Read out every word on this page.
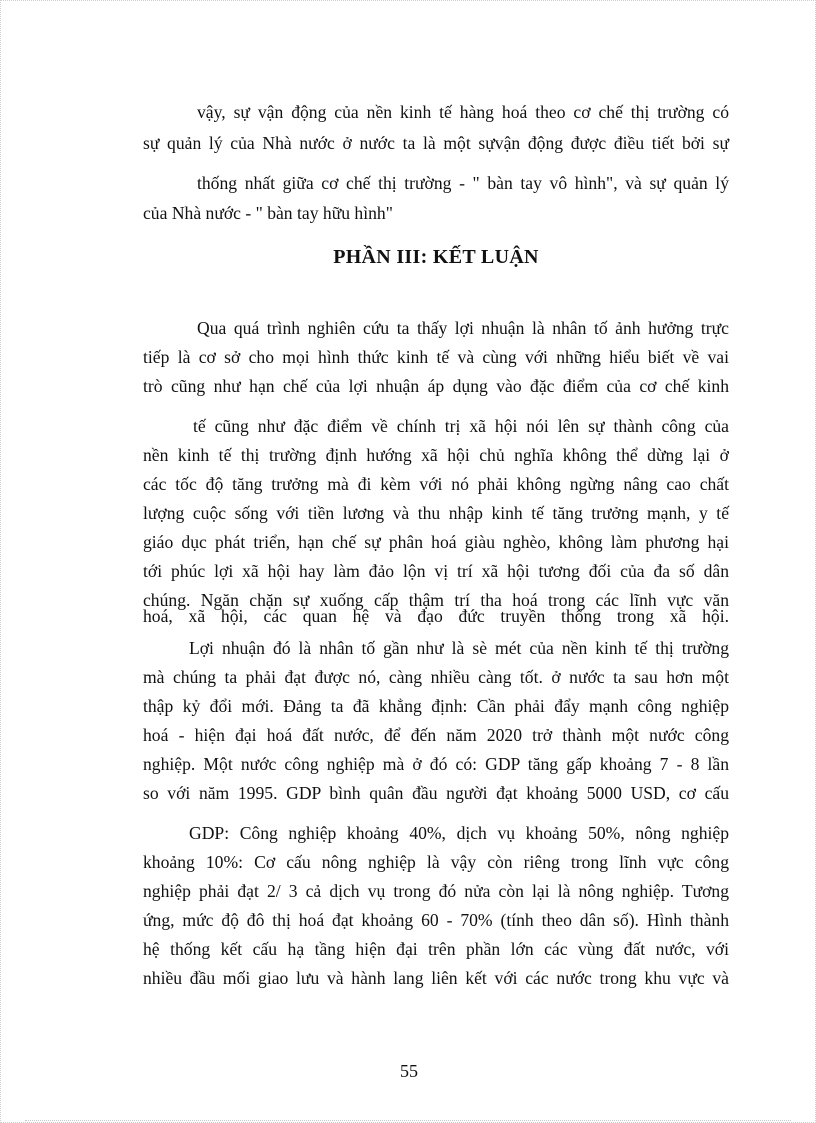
vậy, sự vận động của nền kinh tế hàng hoá theo cơ chế thị trường có
sự quản lý của Nhà nước ở nước ta là một sựvận động được điều tiết bởi sự
thống nhất giữa cơ chế thị trường - " bàn tay vô hình", và sự quản lý
của Nhà nước - " bàn tay hữu hình"
PHẦN III: KẾT LUẬN
Qua quá trình nghiên cứu ta thấy lợi nhuận là nhân tố ảnh hưởng trực
tiếp là cơ sở cho mọi hình thức kinh tế và cùng với những hiểu biết về vai
trò cũng như hạn chế của lợi nhuận áp dụng vào đặc điểm của cơ chế kinh
tế cũng như đặc điểm về chính trị xã hội nói lên sự thành công của
nền kinh tế thị trường định hướng xã hội chủ nghĩa không thể dừng lại ở
các tốc độ tăng trưởng mà đi kèm với nó phải không ngừng nâng cao chất
lượng cuộc sống với tiền lương và thu nhập kinh tế tăng trưởng mạnh, y tế
giáo dục phát triển, hạn chế sự phân hoá giàu nghèo, không làm phương hại
tới phúc lợi xã hội hay làm đảo lộn vị trí xã hội tương đối của đa số dân
chúng. Ngăn chặn sự xuống cấp thậm trí tha hoá trong các lĩnh vực văn
hoá, xã hội, các quan hệ và đạo đức truyền thống trong xã hội.
Lợi nhuận đó là nhân tố gần như là sè mét của nền kinh tế thị trường
mà chúng ta phải đạt được nó, càng nhiều càng tốt. ở nước ta sau hơn một
thập kỷ đổi mới. Đảng ta đã khẳng định: Cần phải đẩy mạnh công nghiệp
hoá - hiện đại hoá đất nước, để đến năm 2020 trở thành một nước công
nghiệp. Một nước công nghiệp mà ở đó có: GDP tăng gấp khoảng 7 - 8 lần
so với năm 1995. GDP bình quân đầu người đạt khoảng 5000 USD, cơ cấu
GDP: Công nghiệp khoảng 40%, dịch vụ khoảng 50%, nông nghiệp
khoảng 10%: Cơ cấu nông nghiệp là vậy còn riêng trong lĩnh vực công
nghiệp phải đạt 2/ 3 cả dịch vụ trong đó nửa còn lại là nông nghiệp. Tương
ứng, mức độ đô thị hoá đạt khoảng 60 - 70% (tính theo dân số). Hình thành
hệ thống kết cấu hạ tầng hiện đại trên phần lớn các vùng đất nước, với
nhiều đầu mối giao lưu và hành lang liên kết với các nước trong khu vực và
55
